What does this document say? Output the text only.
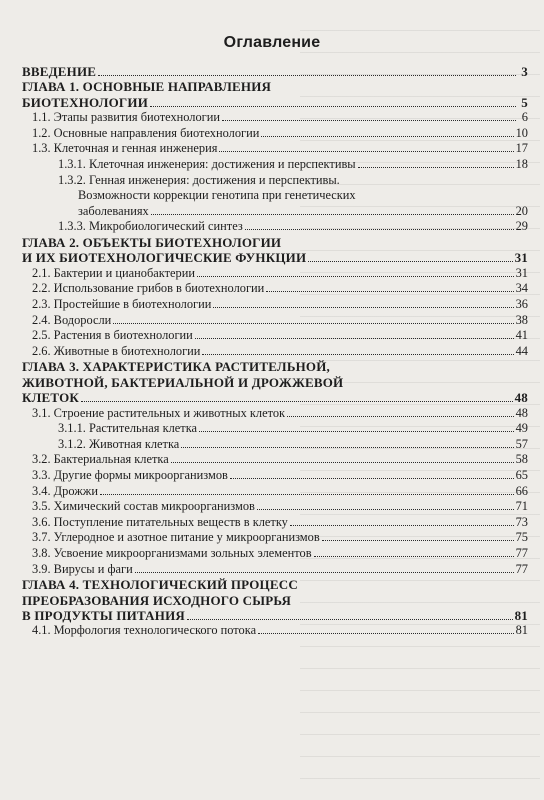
Оглавление
ВВЕДЕНИЕ	3
ГЛАВА 1. ОСНОВНЫЕ НАПРАВЛЕНИЯ
БИОТЕХНОЛОГИИ	5
1.1. Этапы развития биотехнологии	6
1.2. Основные направления биотехнологии	10
1.3. Клеточная и генная инженерия	17
1.3.1. Клеточная инженерия: достижения и перспективы	18
1.3.2. Генная инженерия: достижения и перспективы.
Возможности коррекции генотипа при генетических
заболеваниях	20
1.3.3. Микробиологический синтез	29
ГЛАВА 2. ОБЪЕКТЫ БИОТЕХНОЛОГИИ
И ИХ БИОТЕХНОЛОГИЧЕСКИЕ ФУНКЦИИ	31
2.1. Бактерии и цианобактерии	31
2.2. Использование грибов в биотехнологии	34
2.3. Простейшие в биотехнологии	36
2.4. Водоросли	38
2.5. Растения в биотехнологии	41
2.6. Животные в биотехнологии	44
ГЛАВА 3. ХАРАКТЕРИСТИКА РАСТИТЕЛЬНОЙ,
ЖИВОТНОЙ, БАКТЕРИАЛЬНОЙ И ДРОЖЖЕВОЙ
КЛЕТОК	48
3.1. Строение растительных и животных клеток	48
3.1.1. Растительная клетка	49
3.1.2. Животная клетка	57
3.2. Бактериальная клетка	58
3.3. Другие формы микроорганизмов	65
3.4. Дрожжи	66
3.5. Химический состав микроорганизмов	71
3.6. Поступление питательных веществ в клетку	73
3.7. Углеродное и азотное питание у микроорганизмов	75
3.8. Усвоение микроорганизмами зольных элементов	77
3.9. Вирусы и фаги	77
ГЛАВА 4. ТЕХНОЛОГИЧЕСКИЙ ПРОЦЕСС
ПРЕОБРАЗОВАНИЯ ИСХОДНОГО СЫРЬЯ
В ПРОДУКТЫ ПИТАНИЯ	81
4.1. Морфология технологического потока	81
